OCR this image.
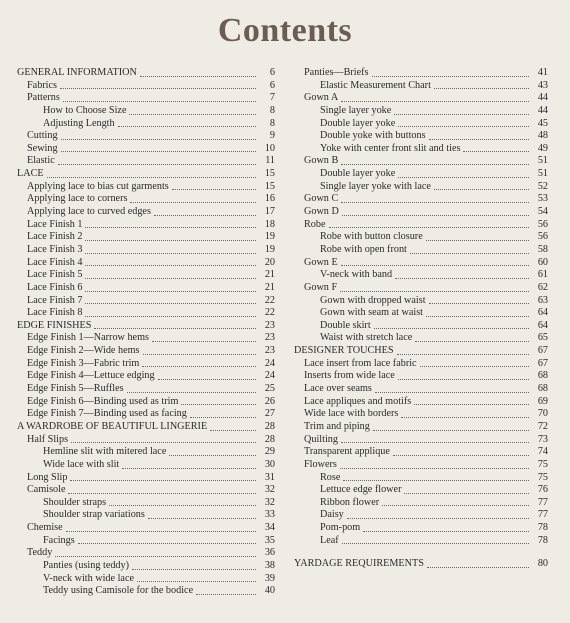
Contents
GENERAL INFORMATION	6
Fabrics	6
Patterns	7
How to Choose Size	8
Adjusting Length	8
Cutting	9
Sewing	10
Elastic	11
LACE	15
Applying lace to bias cut garments	15
Applying lace to corners	16
Applying lace to curved edges	17
Lace Finish 1	18
Lace Finish 2	19
Lace Finish 3	19
Lace Finish 4	20
Lace Finish 5	21
Lace Finish 6	21
Lace Finish 7	22
Lace Finish 8	22
EDGE FINISHES	23
Edge Finish 1—Narrow hems	23
Edge Finish 2—Wide hems	23
Edge Finish 3—Fabric trim	24
Edge Finish 4—Lettuce edging	24
Edge Finish 5—Ruffles	25
Edge Finish 6—Binding used as trim	26
Edge Finish 7—Binding used as facing	27
A WARDROBE OF BEAUTIFUL LINGERIE	28
Half Slips	28
Hemline slit with mitered lace	29
Wide lace with slit	30
Long Slip	31
Camisole	32
Shoulder straps	32
Shoulder strap variations	33
Chemise	34
Facings	35
Teddy	36
Panties (using teddy)	38
V-neck with wide lace	39
Teddy using Camisole for the bodice	40
Panties—Briefs	41
Elastic Measurement Chart	43
Gown A	44
Single layer yoke	44
Double layer yoke	45
Double yoke with buttons	48
Yoke with center front slit and ties	49
Gown B	51
Double layer yoke	51
Single layer yoke with lace	52
Gown C	53
Gown D	54
Robe	56
Robe with button closure	56
Robe with open front	58
Gown E	60
V-neck with band	61
Gown F	62
Gown with dropped waist	63
Gown with seam at waist	64
Double skirt	64
Waist with stretch lace	65
DESIGNER TOUCHES	67
Lace insert from lace fabric	67
Inserts from wide lace	68
Lace over seams	68
Lace appliques and motifs	69
Wide lace with borders	70
Trim and piping	72
Quilting	73
Transparent applique	74
Flowers	75
Rose	75
Lettuce edge flower	76
Ribbon flower	77
Daisy	77
Pom-pom	78
Leaf	78
YARDAGE REQUIREMENTS	80
